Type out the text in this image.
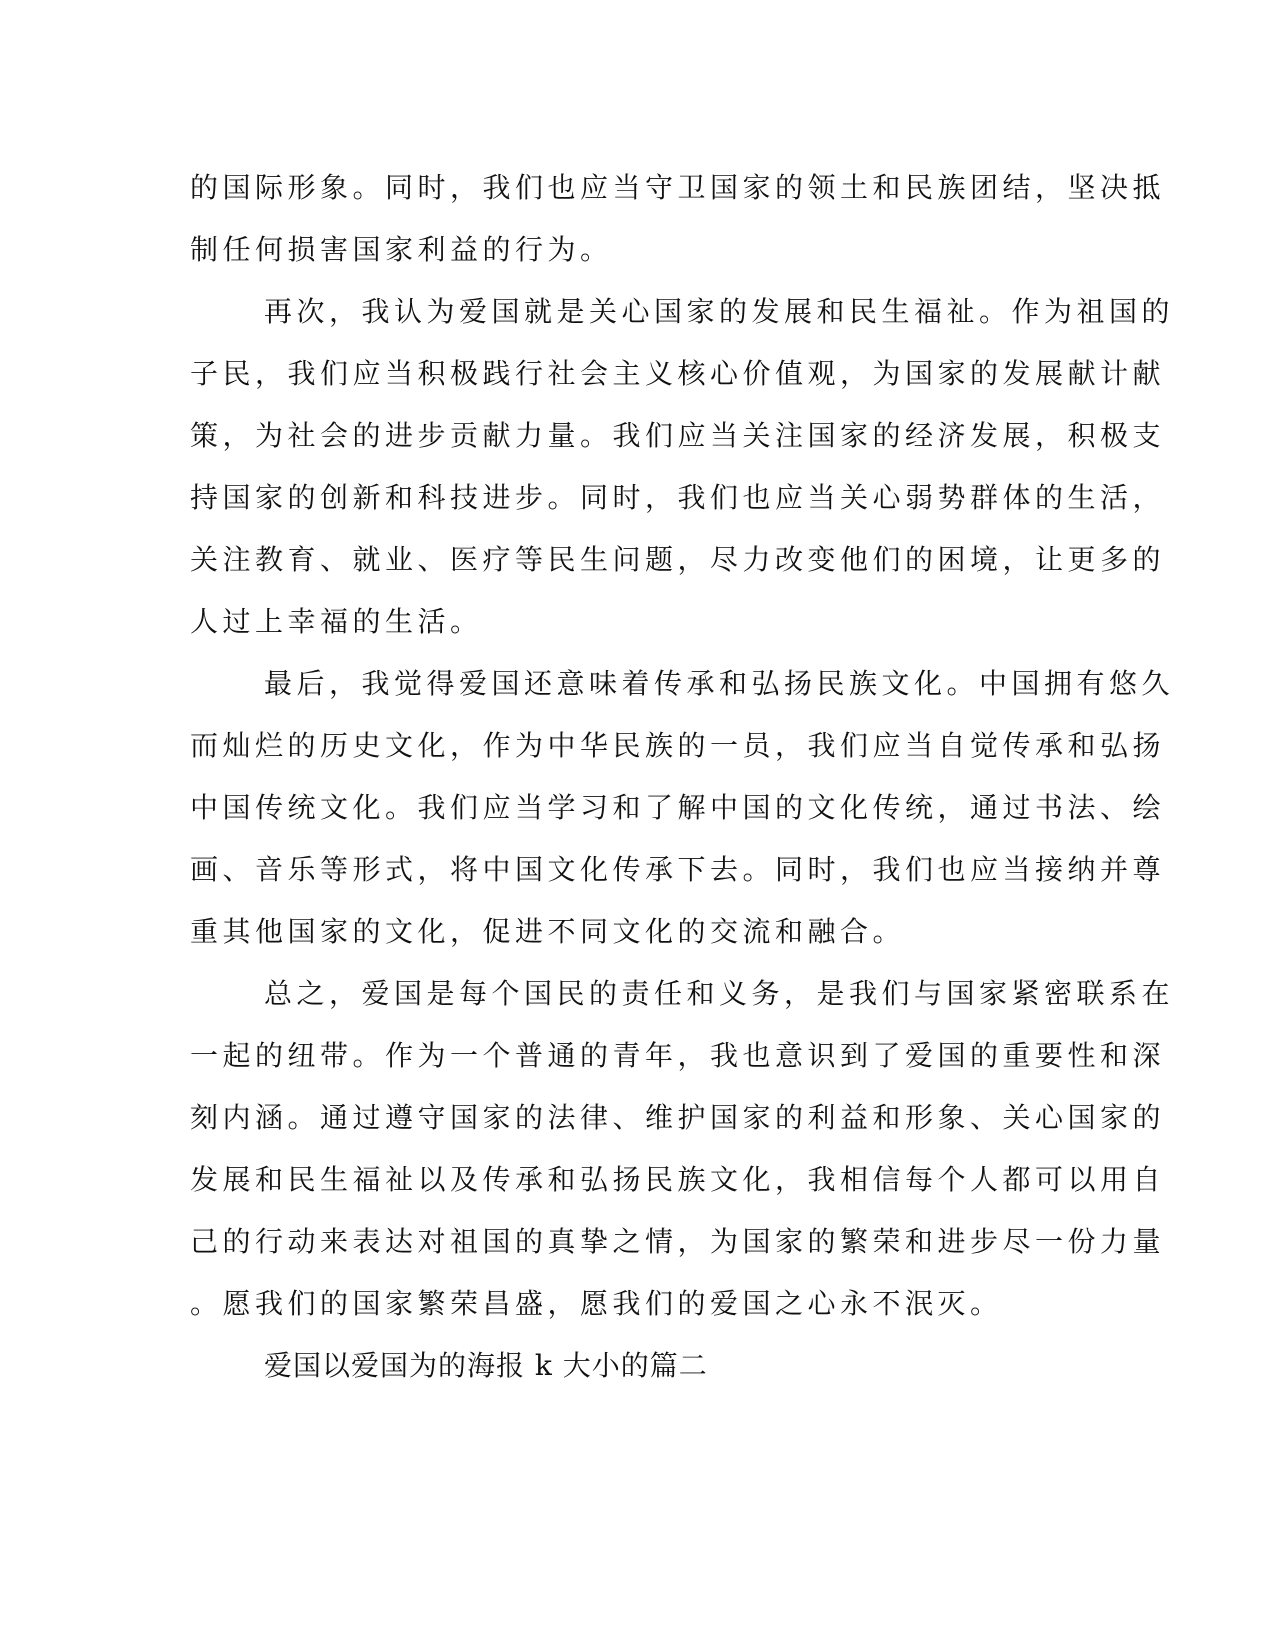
的国际形象。同时，我们也应当守卫国家的领土和民族团结，坚决抵
制任何损害国家利益的行为。
再次，我认为爱国就是关心国家的发展和民生福祉。作为祖国的
子民，我们应当积极践行社会主义核心价值观，为国家的发展献计献
策，为社会的进步贡献力量。我们应当关注国家的经济发展，积极支
持国家的创新和科技进步。同时，我们也应当关心弱势群体的生活，
关注教育、就业、医疗等民生问题，尽力改变他们的困境，让更多的
人过上幸福的生活。
最后，我觉得爱国还意味着传承和弘扬民族文化。中国拥有悠久
而灿烂的历史文化，作为中华民族的一员，我们应当自觉传承和弘扬
中国传统文化。我们应当学习和了解中国的文化传统，通过书法、绘
画、音乐等形式，将中国文化传承下去。同时，我们也应当接纳并尊
重其他国家的文化，促进不同文化的交流和融合。
总之，爱国是每个国民的责任和义务，是我们与国家紧密联系在
一起的纽带。作为一个普通的青年，我也意识到了爱国的重要性和深
刻内涵。通过遵守国家的法律、维护国家的利益和形象、关心国家的
发展和民生福祉以及传承和弘扬民族文化，我相信每个人都可以用自
己的行动来表达对祖国的真挚之情，为国家的繁荣和进步尽一份力量
。愿我们的国家繁荣昌盛，愿我们的爱国之心永不泯灭。
爱国以爱国为的海报 k 大小的篇二
